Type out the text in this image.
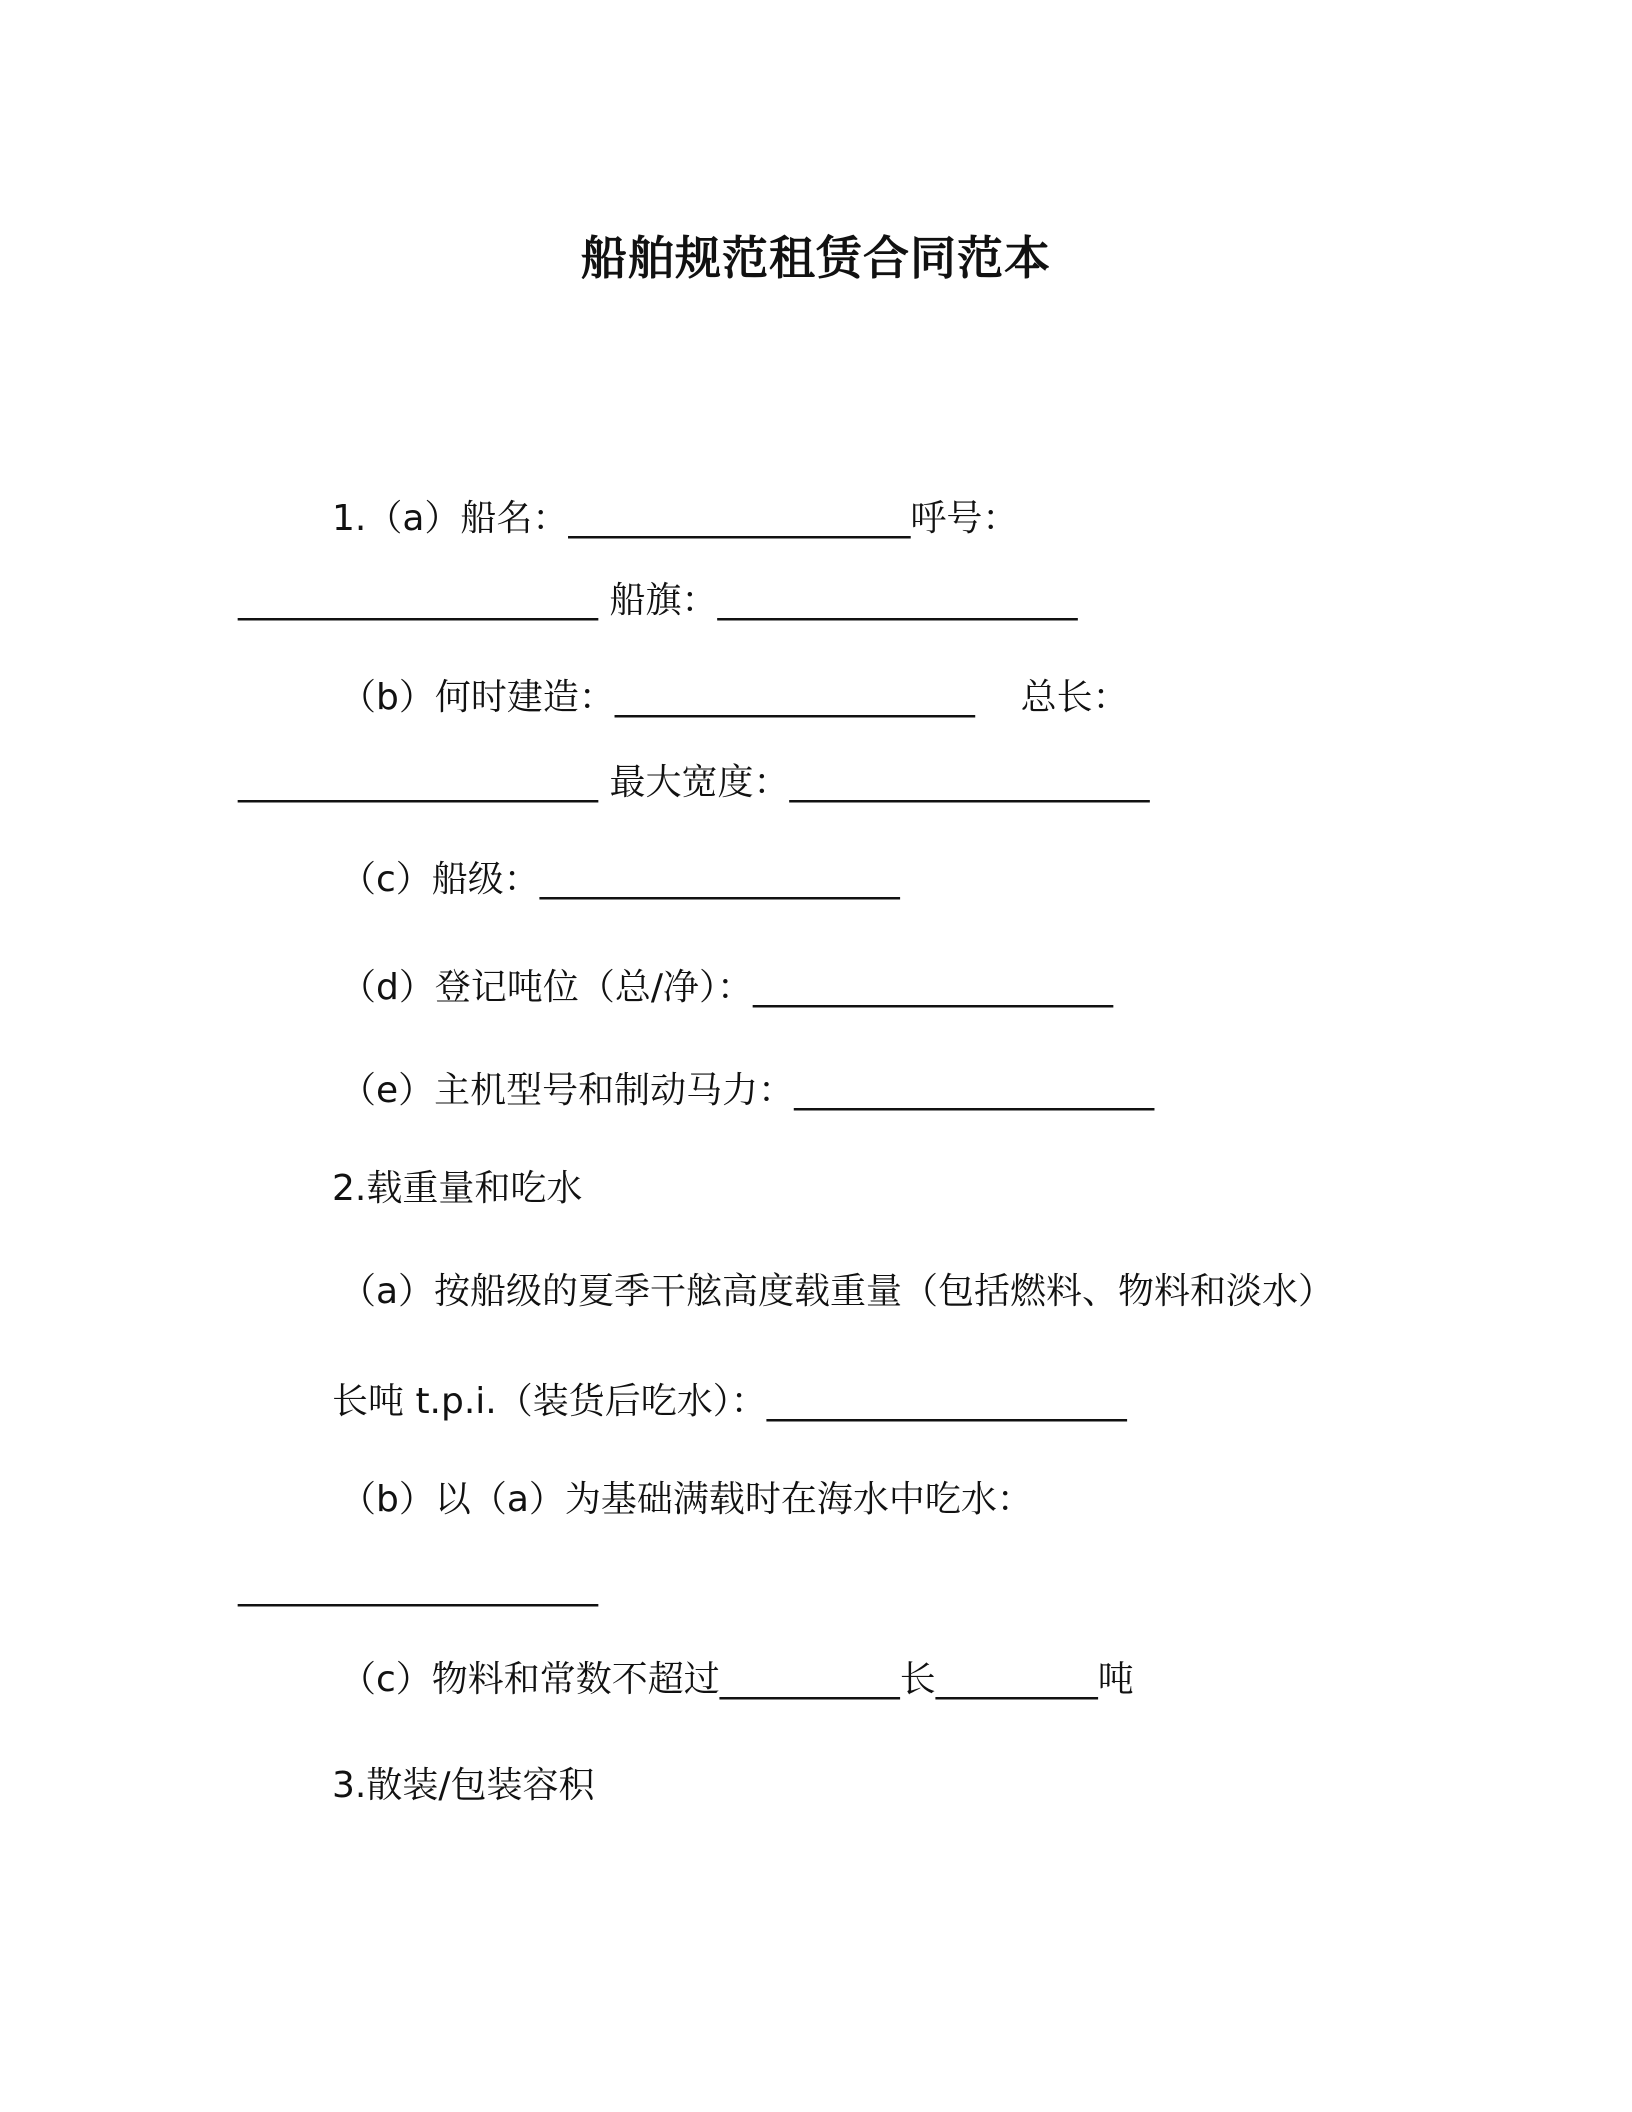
船舶规范租赁合同范本
1.（a）船名：___________________呼号：
____________________ 船旗：____________________
（b）何时建造：____________________    总长：
____________________ 最大宽度：____________________
（c）船级：____________________
（d）登记吨位（总/净）：____________________
（e）主机型号和制动马力：____________________
2.载重量和吃水
（a）按船级的夏季干舷高度载重量（包括燃料、物料和淡水）
长吨 t.p.i.（装货后吃水）：____________________
（b）以（a）为基础满载时在海水中吃水：
____________________
（c）物料和常数不超过__________长_________吨
3.散装/包装容积
